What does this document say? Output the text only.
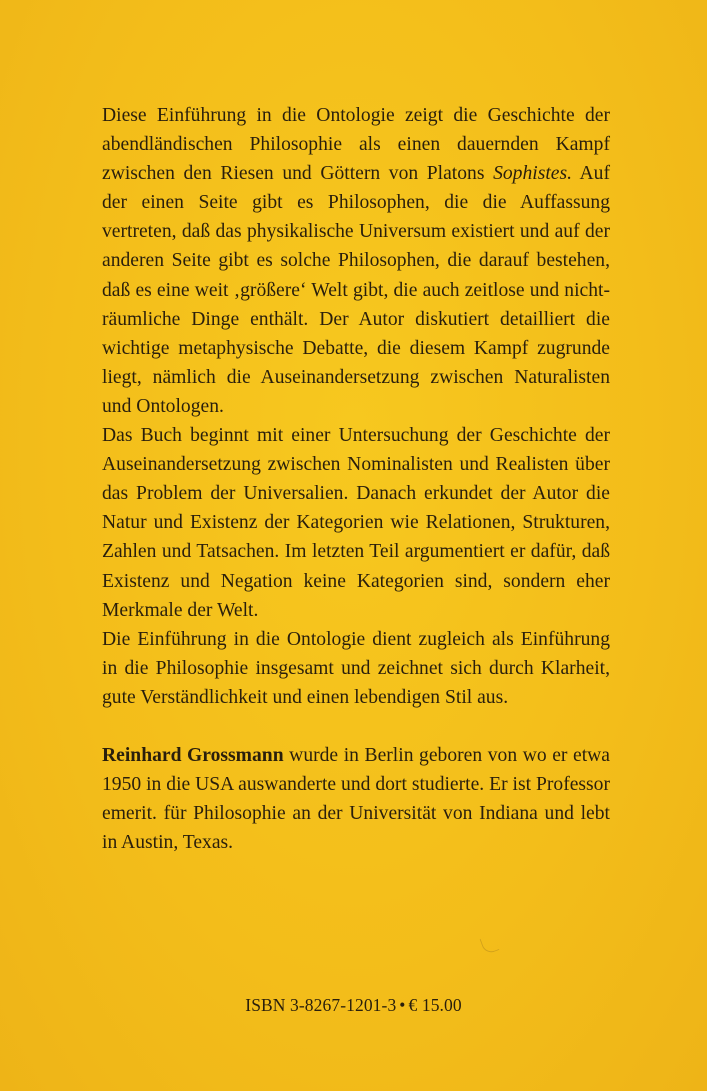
Diese Einführung in die Ontologie zeigt die Geschichte der abendländischen Philosophie als einen dauernden Kampf zwischen den Riesen und Göttern von Platons Sophistes. Auf der einen Seite gibt es Philosophen, die die Auffassung vertreten, daß das physikalische Universum existiert und auf der anderen Seite gibt es solche Philosophen, die darauf bestehen, daß es eine weit ‚größere‘ Welt gibt, die auch zeitlose und nicht-räumliche Dinge enthält. Der Autor diskutiert detailliert die wichtige metaphysische Debatte, die diesem Kampf zugrunde liegt, nämlich die Auseinandersetzung zwischen Naturalisten und Ontologen.

Das Buch beginnt mit einer Untersuchung der Geschichte der Auseinandersetzung zwischen Nominalisten und Realisten über das Problem der Universalien. Danach erkundet der Autor die Natur und Existenz der Kategorien wie Relationen, Strukturen, Zahlen und Tatsachen. Im letzten Teil argumentiert er dafür, daß Existenz und Negation keine Kategorien sind, sondern eher Merkmale der Welt.

Die Einführung in die Ontologie dient zugleich als Einführung in die Philosophie insgesamt und zeichnet sich durch Klarheit, gute Verständlichkeit und einen lebendigen Stil aus.

Reinhard Grossmann wurde in Berlin geboren von wo er etwa 1950 in die USA auswanderte und dort studierte. Er ist Professor emerit. für Philosophie an der Universität von Indiana und lebt in Austin, Texas.

ISBN 3-8267-1201-3 • € 15.00
